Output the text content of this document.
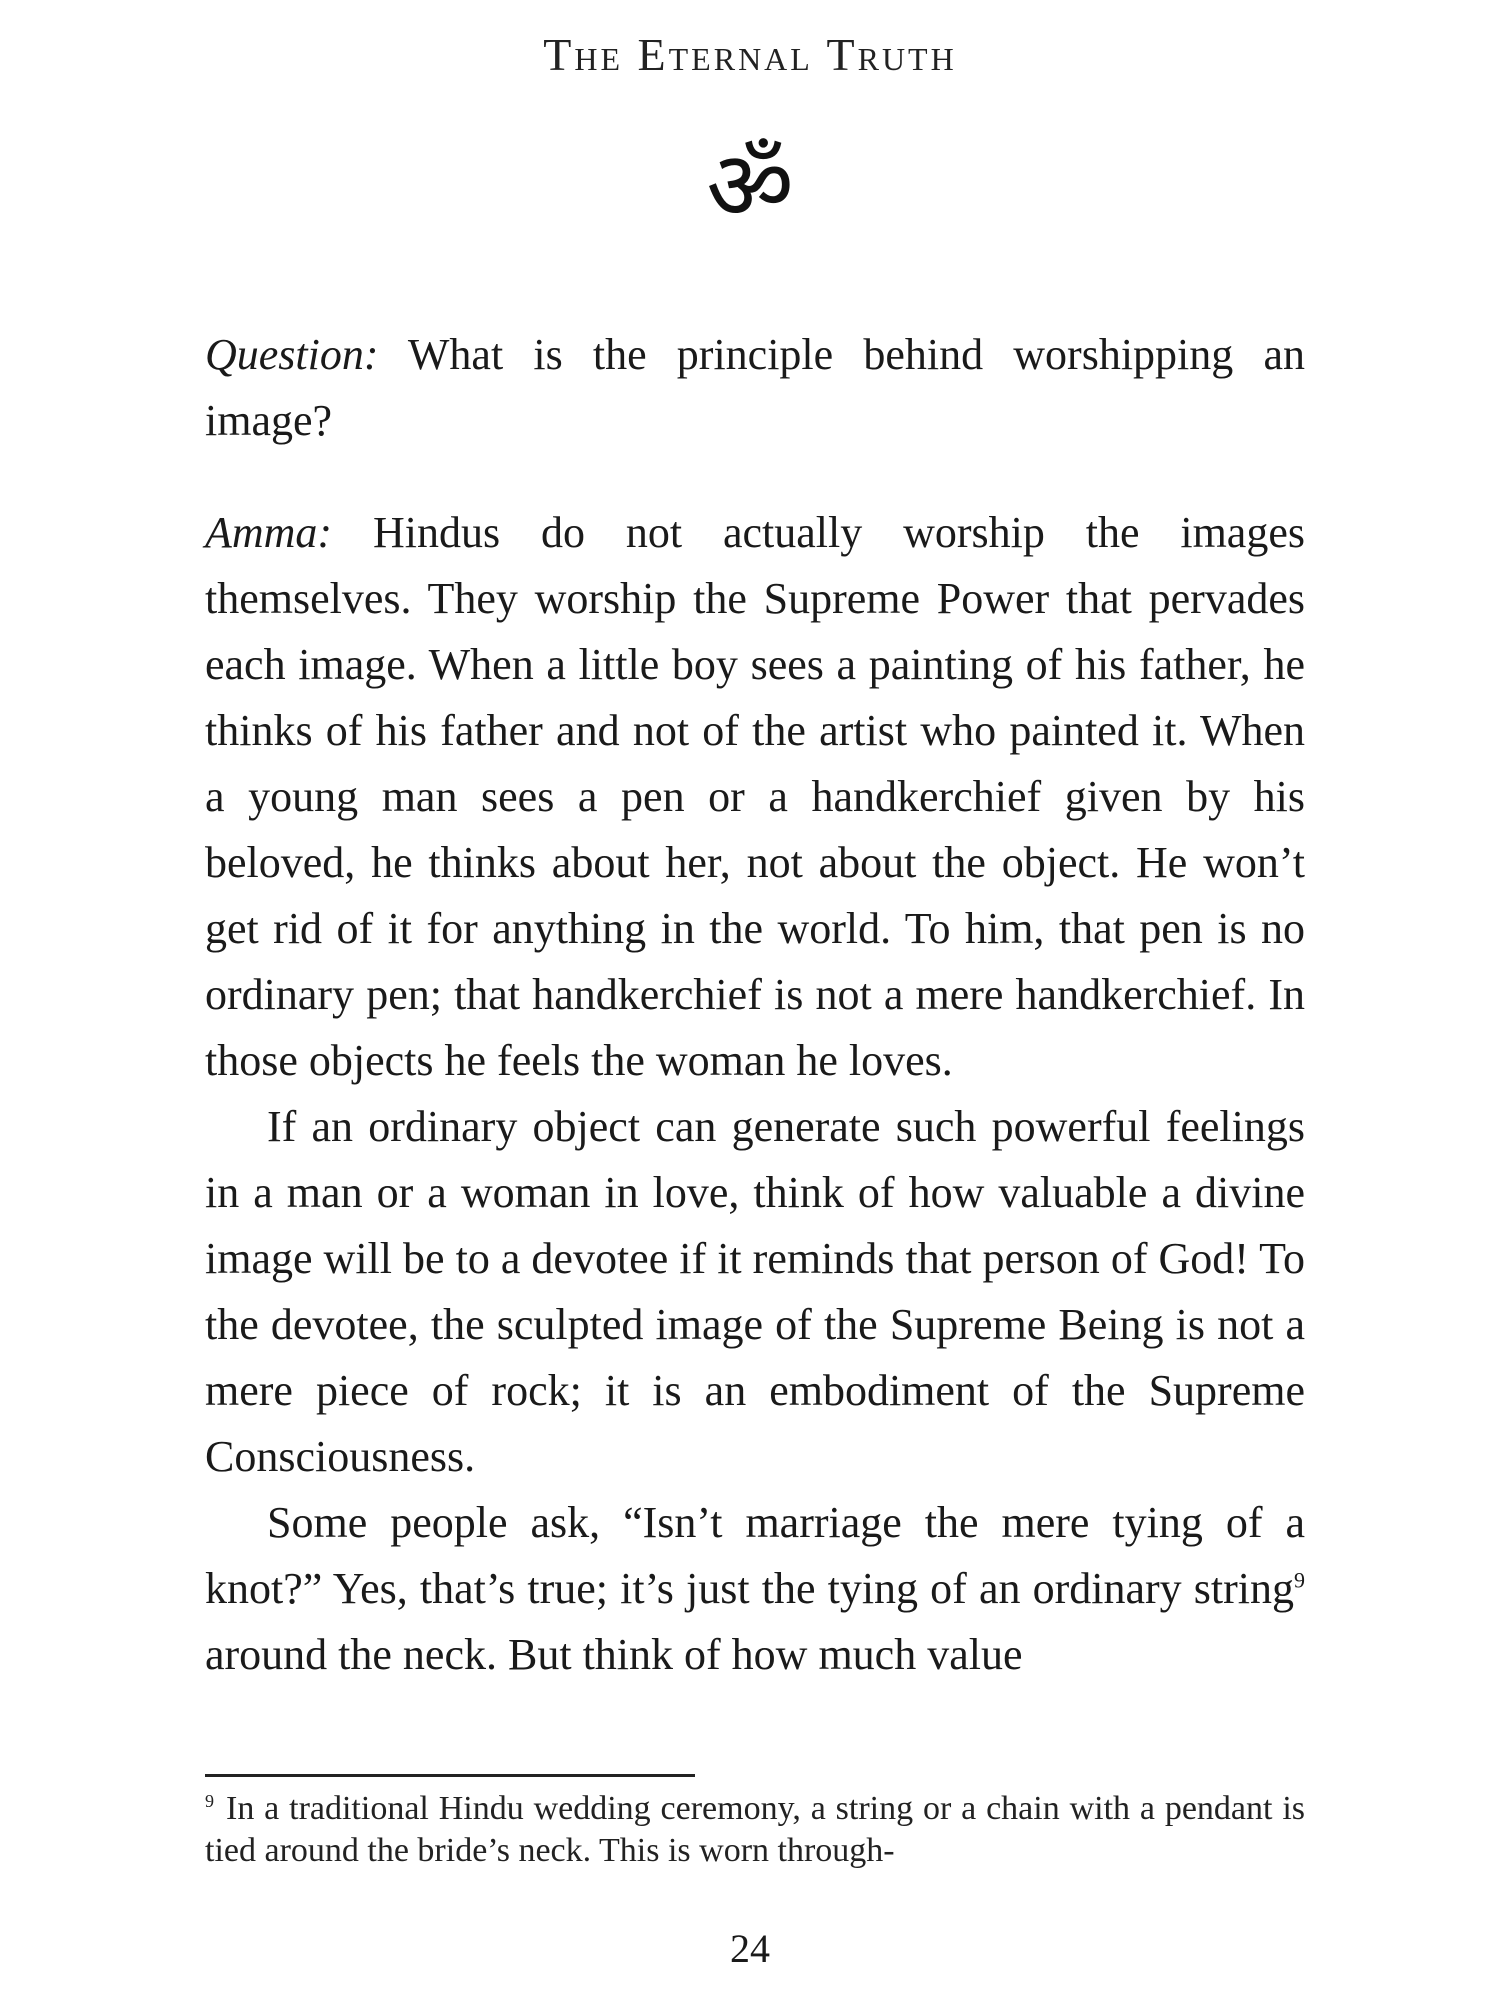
The Eternal Truth
ॐ

Question: What is the principle behind worshipping an image?

Amma: Hindus do not actually worship the images themselves. They worship the Supreme Power that pervades each image. When a little boy sees a painting of his father, he thinks of his father and not of the artist who painted it. When a young man sees a pen or a handkerchief given by his beloved, he thinks about her, not about the object. He won’t get rid of it for anything in the world. To him, that pen is no ordinary pen; that handkerchief is not a mere handkerchief. In those objects he feels the woman he loves.

If an ordinary object can generate such powerful feelings in a man or a woman in love, think of how valuable a divine image will be to a devotee if it reminds that person of God! To the devotee, the sculpted image of the Supreme Being is not a mere piece of rock; it is an embodiment of the Supreme Consciousness.

Some people ask, “Isn’t marriage the mere tying of a knot?” Yes, that’s true; it’s just the tying of an ordinary string$^9$ around the neck. But think of how much value

$^9$ In a traditional Hindu wedding ceremony, a string or a chain with a pendant is tied around the bride’s neck. This is worn through-
24
